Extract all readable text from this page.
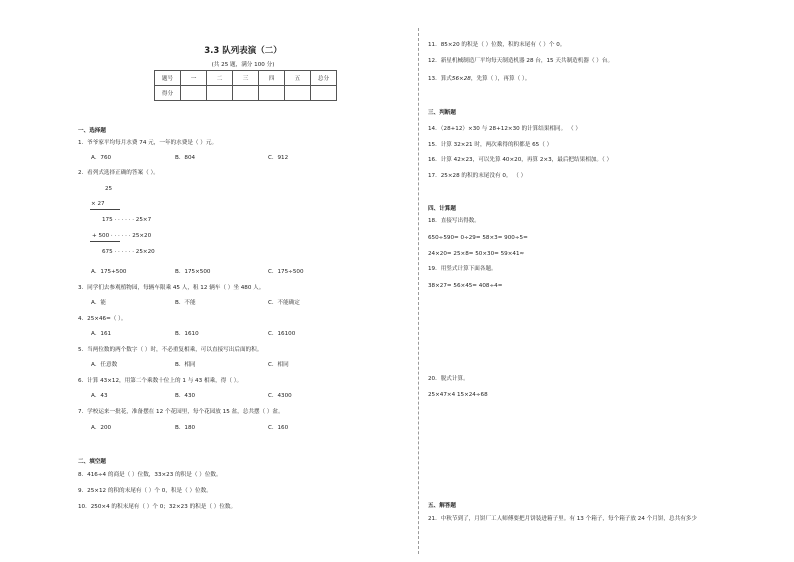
3.3 队列表演（二）
(共 25 题，满分 100 分)
题号	一	二	三	四	五	总分
得分						
一、选择题
1．爷爷家平均每月水费 74 元，一年的水费是（ ）元。
A．760	B．804	C．912
2．看列式选择正确的答案（ ）。
25
× 27
175 · · · · · · 25×7
+ 500 · · · · · · 25×20
675 · · · · · · 25×20
A．175+500	B．175×500	C．175÷500
3．同学们去参观植物园，每辆车限乘 45 人，租 12 辆车（ ）坐 480 人。
A．能	B．不能	C．不能确定
4．25×46=（ ）。
A．161	B．1610	C．16100
5．当两位数的两个数字（ ）时，不必重复相乘，可以直接写出后面的积。
A．任意数	B．相同	C．相同
6．计算 43×12，用第二个乘数十位上的 1 与 43 相乘，得（ ）。
A．43	B．430	C．4300
7．学校运来一批花，准备摆在 12 个花园里，每个花园放 15 盆，总共摆（ ）盆。
A．200	B．180	C．160
二、填空题
8．416÷4 的商是（ ）位数，33×23 的积是（ ）位数。
9．25×12 的积的末尾有（ ）个 0，积是（ ）位数。
10．250×4 的积末尾有（ ）个 0；32×23 的积是（ ）位数。
11．85×20 的积是（ ）位数，积的末尾有（ ）个 0。
12．新星机械制造厂平均每天制造机器 28 台，15 天共制造机器（ ）台。
13．算式56×28，先算（ ），再算（ ）。
三、判断题
14．（28+12）×30 与 28+12×30 的计算结果相同。 （ ）
15．计算 32×21 时，两次乘得的积都是 65（ ）
16．计算 42×23，可以先算 40×20，再算 2×3，最后把结果相加。（ ）
17．25×28 的积的末尾没有 0。 （ ）
四、计算题
18．直接写出得数。
650÷590= 0÷29= 58×3= 900÷5=
24×20= 25×8= 50×30= 59×41≈
19．用竖式计算下面各题。
38×27= 56×45= 408÷4=
20．脱式计算。
25×47×4 15×24÷68
五、解答题
21．中秋节到了，月饼厂工人师傅要把月饼装进箱子里。有 13 个箱子，每个箱子放 24 个月饼，总共有多少
